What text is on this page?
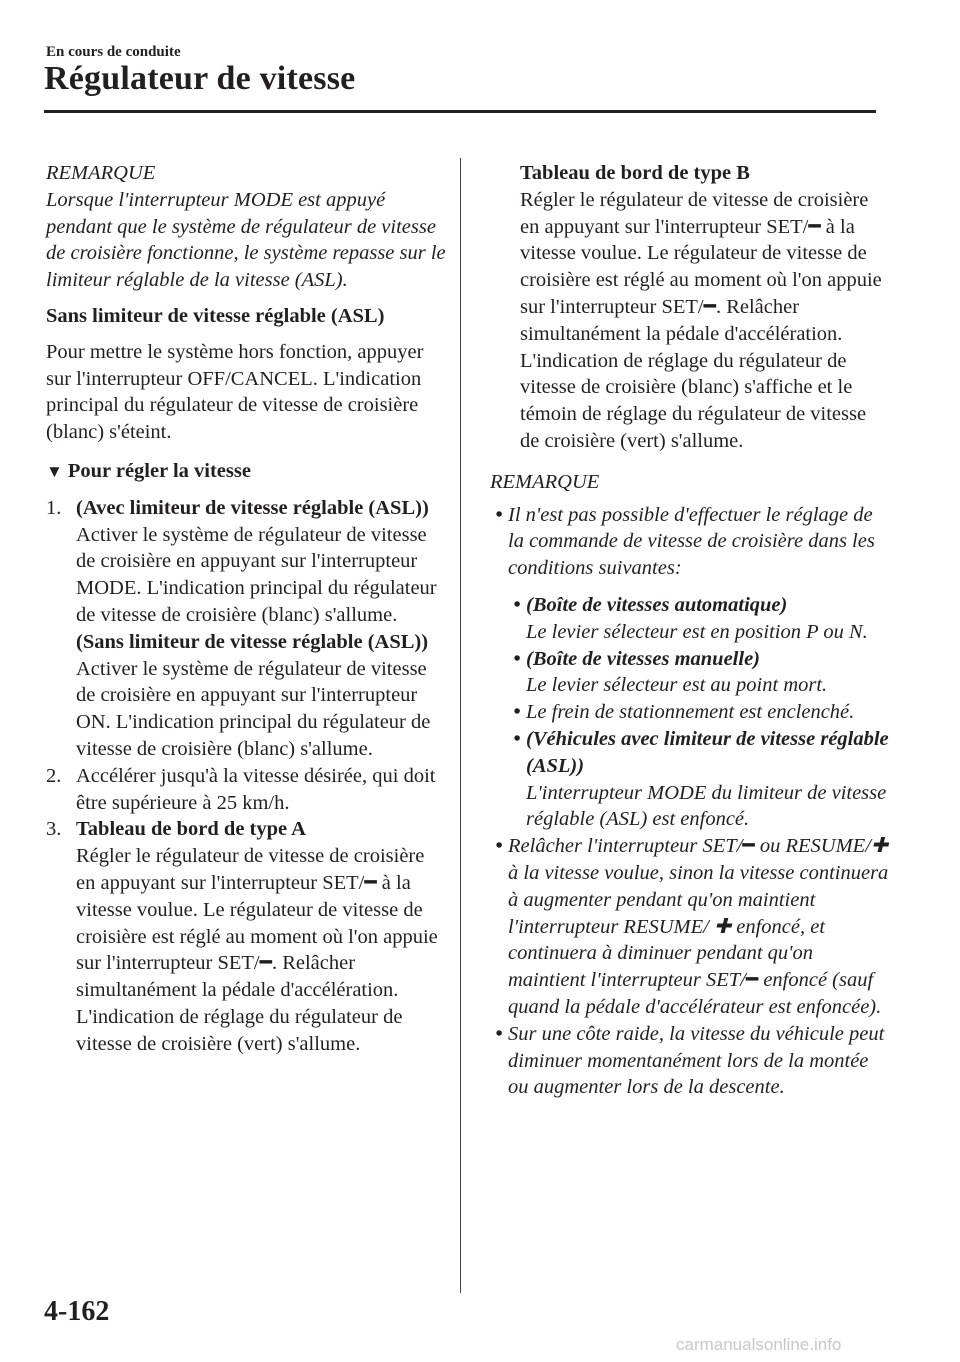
En cours de conduite
Régulateur de vitesse

REMARQUE

Lorsque l'interrupteur MODE est appuyé pendant que le système de régulateur de vitesse de croisière fonctionne, le système repasse sur le limiteur réglable de la vitesse (ASL).

Sans limiteur de vitesse réglable (ASL)

Pour mettre le système hors fonction, appuyer sur l'interrupteur OFF/CANCEL. L'indication principal du régulateur de vitesse de croisière (blanc) s'éteint.

▼ Pour régler la vitesse

1. (Avec limiteur de vitesse réglable (ASL))

Activer le système de régulateur de vitesse de croisière en appuyant sur l'interrupteur MODE. L'indication principal du régulateur de vitesse de croisière (blanc) s'allume.

(Sans limiteur de vitesse réglable (ASL))

Activer le système de régulateur de vitesse de croisière en appuyant sur l'interrupteur ON. L'indication principal du régulateur de vitesse de croisière (blanc) s'allume.

2. Accélérer jusqu'à la vitesse désirée, qui doit être supérieure à 25 km/h.

3. Tableau de bord de type A

Régler le régulateur de vitesse de croisière en appuyant sur l'interrupteur SET/━ à la vitesse voulue. Le régulateur de vitesse de croisière est réglé au moment où l'on appuie sur l'interrupteur SET/━. Relâcher simultanément la pédale d'accélération. L'indication de réglage du régulateur de vitesse de croisière (vert) s'allume.

Tableau de bord de type B

Régler le régulateur de vitesse de croisière en appuyant sur l'interrupteur SET/━ à la vitesse voulue. Le régulateur de vitesse de croisière est réglé au moment où l'on appuie sur l'interrupteur SET/━. Relâcher simultanément la pédale d'accélération. L'indication de réglage du régulateur de vitesse de croisière (blanc) s'affiche et le témoin de réglage du régulateur de vitesse de croisière (vert) s'allume.

REMARQUE

• Il n'est pas possible d'effectuer le réglage de la commande de vitesse de croisière dans les conditions suivantes:
• (Boîte de vitesses automatique)

Le levier sélecteur est en position P ou N.

• (Boîte de vitesses manuelle)

Le levier sélecteur est au point mort.

• Le frein de stationnement est enclenché.

• (Véhicules avec limiteur de vitesse réglable (ASL))

L'interrupteur MODE du limiteur de vitesse réglable (ASL) est enfoncé.

• Relâcher l'interrupteur SET/━ ou RESUME/✚ à la vitesse voulue, sinon la vitesse continuera à augmenter pendant qu'on maintient l'interrupteur RESUME/ ✚ enfoncé, et continuera à diminuer pendant qu'on maintient l'interrupteur SET/━ enfoncé (sauf quand la pédale d'accélérateur est enfoncée).
• Sur une côte raide, la vitesse du véhicule peut diminuer momentanément lors de la montée ou augmenter lors de la descente.
4-162
carmanualsonline.info
